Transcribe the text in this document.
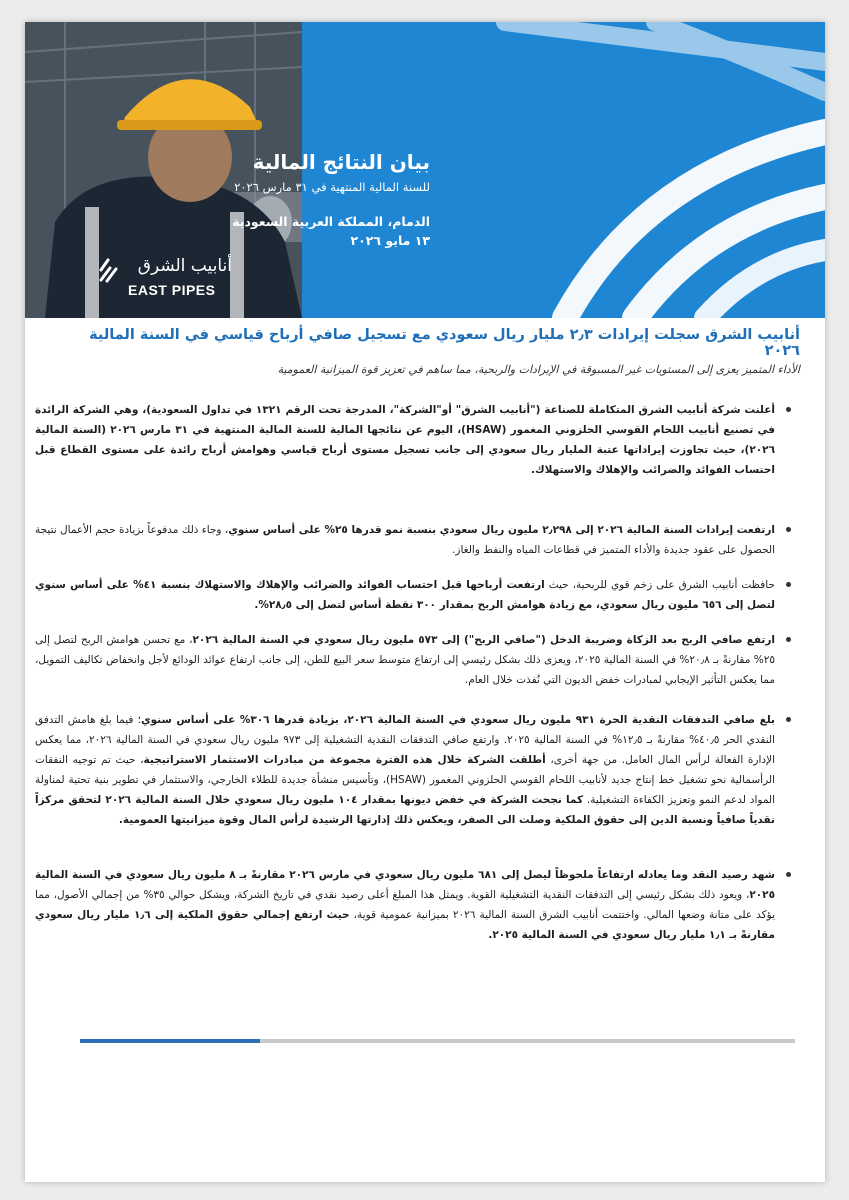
أنابيب الشرق
EAST PIPES

بيان النتائج المالية

للسنة المالية المنتهية في ٣١ مارس ٢٠٢٦

الدمام، المملكة العربية السعودية

١٣ مايو ٢٠٢٦

أنابيب الشرق سجلت إيرادات ٢٫٣ مليار ريال سعودي مع تسجيل صافي أرباح قياسي في السنة المالية ٢٠٢٦

الأداء المتميز يعزى إلى المستويات غير المسبوقة في الإيرادات والربحية، مما ساهم في تعزيز قوة الميزانية العمومية

أعلنت شركة أنابيب الشرق المتكاملة للصناعة ("أنابيب الشرق" أو"الشركة"، المدرجة تحت الرقم ١٣٢١ في تداول السعودية)، وهي الشركة الرائدة في تصنيع أنابيب اللحام القوسي الحلزوني المغمور (HSAW)، اليوم عن نتائجها المالية للسنة المالية المنتهية في ٣١ مارس ٢٠٢٦ (السنة المالية ٢٠٢٦)، حيث تجاوزت إيراداتها عتبة المليار ريال سعودي إلى جانب تسجيل مستوى أرباح قياسي وهوامش أرباح رائدة على مستوى القطاع قبل احتساب الفوائد والضرائب والإهلاك والاستهلاك.

ارتفعت إيرادات السنة المالية ٢٠٢٦ إلى ٢٫٢٩٨ مليون ريال سعودي بنسبة نمو قدرها ٢٥% على أساس سنوي، وجاء ذلك مدفوعاً بزيادة حجم الأعمال نتيجة الحصول على عقود جديدة والأداء المتميز في قطاعات المياه والنفط والغاز.

حافظت أنابيب الشرق على زخم قوي للربحية، حيث ارتفعت أرباحها قبل احتساب الفوائد والضرائب والإهلاك والاستهلاك بنسبة ٤١% على أساس سنوي لتصل إلى ٦٥٦ مليون ريال سعودي، مع زيادة هوامش الربح بمقدار ٣٠٠ نقطة أساس لتصل إلى ٢٨٫٥%.

ارتفع صافي الربح بعد الزكاة وضريبة الدخل ("صافي الربح") إلى ٥٧٣ مليون ريال سعودي في السنة المالية ٢٠٢٦، مع تحسن هوامش الربح لتصل إلى ٢٥% مقارنةً بـ ٢٠٫٨% في السنة المالية ٢٠٢٥، ويعزى ذلك بشكل رئيسي إلى ارتفاع متوسط سعر البيع للطن، إلى جانب ارتفاع عوائد الودائع لأجل وانخفاض تكاليف التمويل، مما يعكس التأثير الإيجابي لمبادرات خفض الديون التي نُفذت خلال العام.

بلغ صافي التدفقات النقدية الحرة ٩٣١ مليون ريال سعودي في السنة المالية ٢٠٢٦، بزيادة قدرها ٣٠٦% على أساس سنوي؛ فيما بلغ هامش التدفق النقدي الحر ٤٠٫٥% مقارنةً بـ ١٢٫٥% في السنة المالية ٢٠٢٥. وارتفع صافي التدفقات النقدية التشغيلية إلى ٩٧٣ مليون ريال سعودي في السنة المالية ٢٠٢٦، مما يعكس الإدارة الفعالة لرأس المال العامل. من جهة أخرى، أطلقت الشركة خلال هذه الفترة مجموعة من مبادرات الاستثمار الاستراتيجية، حيث تم توجيه النفقات الرأسمالية نحو تشغيل خط إنتاج جديد لأنابيب اللحام القوسي الحلزوني المغمور (HSAW)، وتأسيس منشأة جديدة للطلاء الخارجي، والاستثمار في تطوير بنية تحتية لمناولة المواد لدعم النمو وتعزيز الكفاءة التشغيلية. كما نجحت الشركة في خفض ديونها بمقدار ١٠٤ مليون ريال سعودي خلال السنة المالية ٢٠٢٦ لتحقق مركزاً نقدياً صافياً ونسبة الدين إلى حقوق الملكية وصلت الى الصفر، ويعكس ذلك إدارتها الرشيدة لرأس المال وقوة ميزانيتها العمومية.

شهد رصيد النقد وما يعادله ارتفاعاً ملحوظاً ليصل إلى ٦٨١ مليون ريال سعودي في مارس ٢٠٢٦ مقارنةً بـ ٨ مليون ريال سعودي في السنة المالية ٢٠٢٥، ويعود ذلك بشكل رئيسي إلى التدفقات النقدية التشغيلية القوية. ويمثل هذا المبلغ أعلى رصيد نقدي في تاريخ الشركة، ويشكل حوالي ٣٥% من إجمالي الأصول، مما يؤكد على متانة وضعها المالي. واختتمت أنابيب الشرق السنة المالية ٢٠٢٦ بميزانية عمومية قوية، حيث ارتفع إجمالي حقوق الملكية إلى ١٫٦ مليار ريال سعودي مقارنةً بـ ١٫١ مليار ريال سعودي في السنة المالية ٢٠٢٥.
